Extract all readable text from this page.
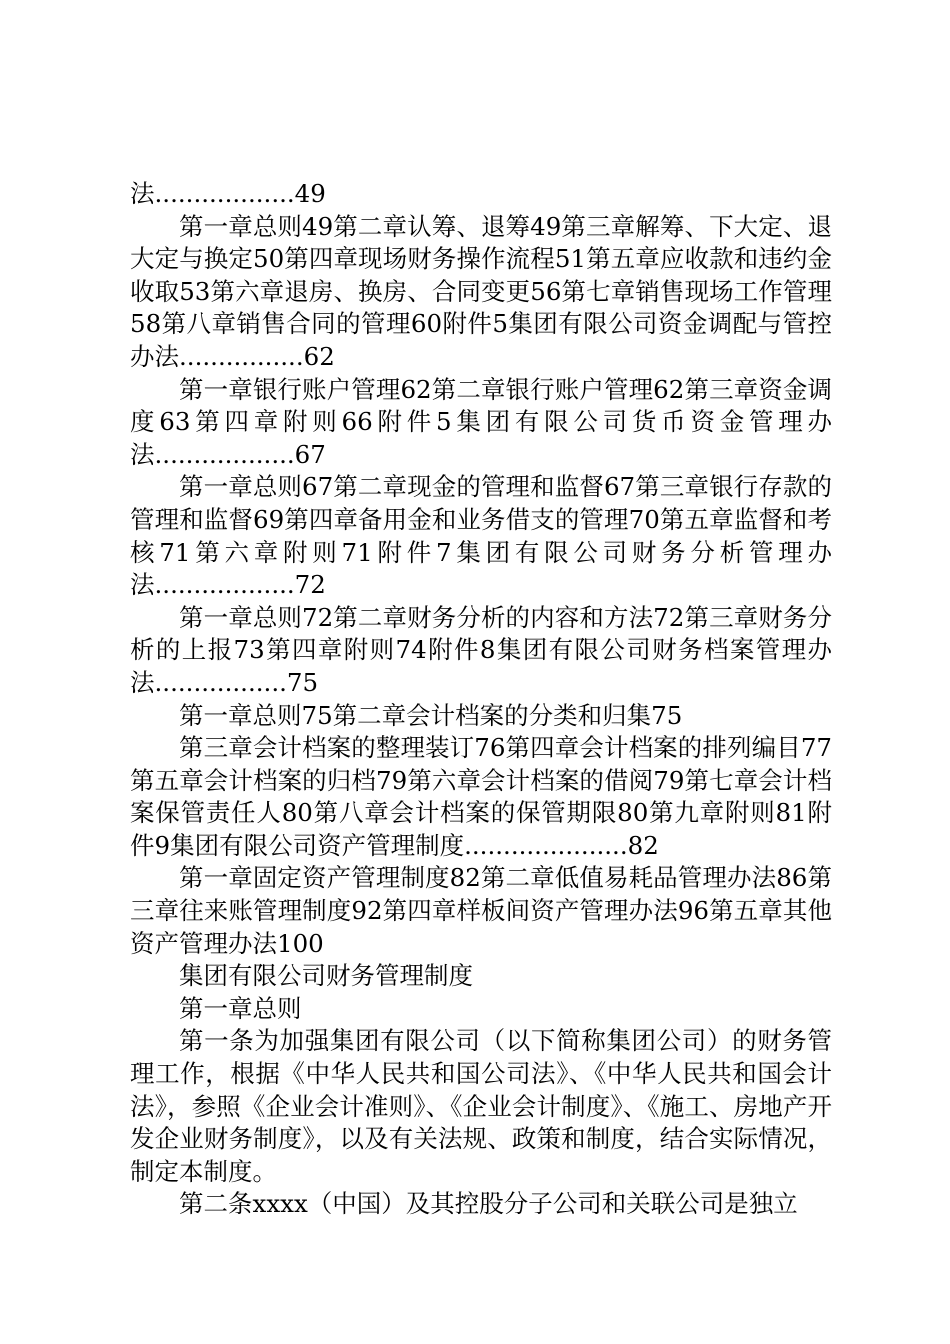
法..................49

第一章总则49第二章认筹、退筹49第三章解筹、下大定、退大定与换定50第四章现场财务操作流程51第五章应收款和违约金收取53第六章退房、换房、合同变更56第七章销售现场工作管理58第八章销售合同的管理60附件5集团有限公司资金调配与管控办法................62

第一章银行账户管理62第二章银行账户管理62第三章资金调度63第四章附则66附件5集团有限公司货币资金管理办法..................67

第一章总则67第二章现金的管理和监督67第三章银行存款的管理和监督69第四章备用金和业务借支的管理70第五章监督和考核71第六章附则71附件7集团有限公司财务分析管理办法..................72

第一章总则72第二章财务分析的内容和方法72第三章财务分析的上报73第四章附则74附件8集团有限公司财务档案管理办法.................75

第一章总则75第二章会计档案的分类和归集75

第三章会计档案的整理装订76第四章会计档案的排列编目77第五章会计档案的归档79第六章会计档案的借阅79第七章会计档案保管责任人80第八章会计档案的保管期限80第九章附则81附件9集团有限公司资产管理制度.....................82

第一章固定资产管理制度82第二章低值易耗品管理办法86第三章往来账管理制度92第四章样板间资产管理办法96第五章其他资产管理办法100

集团有限公司财务管理制度

第一章总则

第一条为加强集团有限公司（以下简称集团公司）的财务管理工作，根据《中华人民共和国公司法》、《中华人民共和国会计法》，参照《企业会计准则》、《企业会计制度》、《施工、房地产开发企业财务制度》，以及有关法规、政策和制度，结合实际情况，制定本制度。

第二条xxxx（中国）及其控股分子公司和关联公司是独立
